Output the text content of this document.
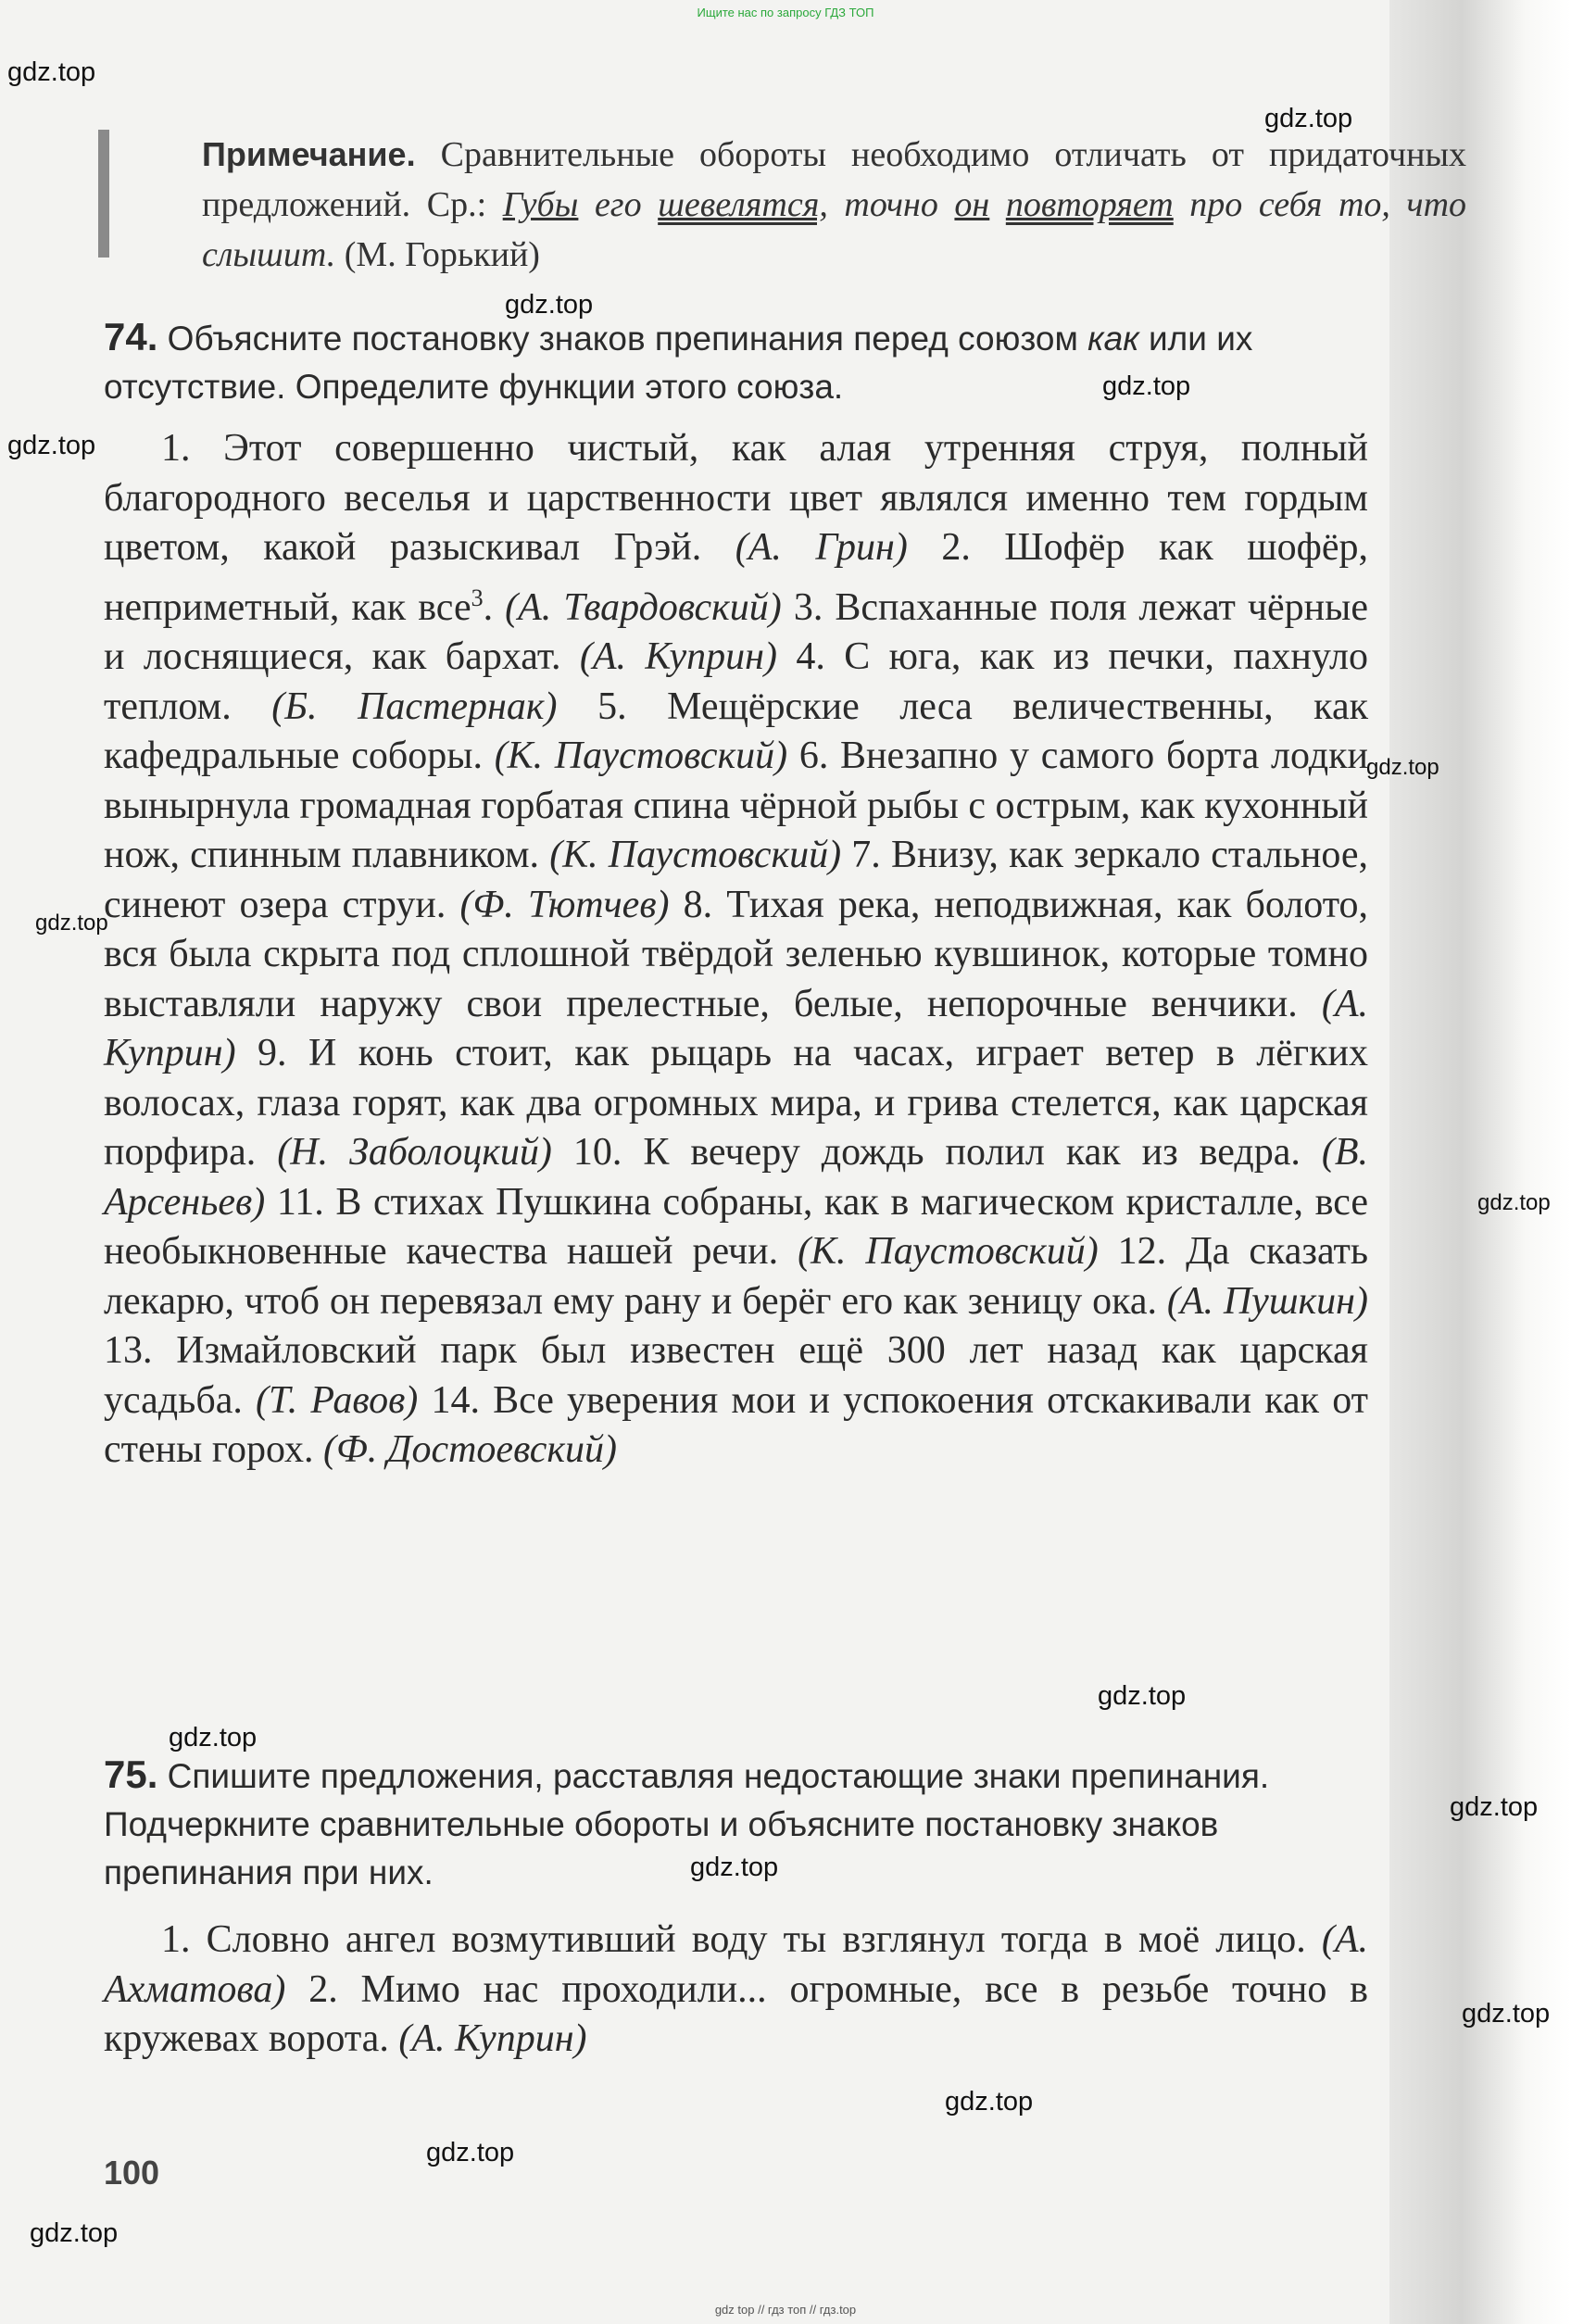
Ищите нас по запросу ГДЗ ТОП
Примечание. Сравнительные обороты необходимо отличать от придаточных предложений. Ср.: Губы его шевелятся, точно он повторяет про себя то, что слышит. (М. Горький)
74. Объясните постановку знаков препинания перед союзом как или их отсутствие. Определите функции этого союза.

1. Этот совершенно чистый, как алая утренняя струя, полный благородного веселья и царственности цвет являлся именно тем гордым цветом, какой разыскивал Грэй. (А. Грин) 2. Шофёр как шофёр, неприметный, как все$^3$. (А. Твардовский) 3. Вспаханные поля лежат чёрные и лоснящиеся, как бархат. (А. Куприн) 4. С юга, как из печки, пахнуло теплом. (Б. Пастернак) 5. Мещёрские леса величественны, как кафедральные соборы. (К. Паустовский) 6. Внезапно у самого борта лодки вынырнула громадная горбатая спина чёрной рыбы с острым, как кухонный нож, спинным плавником. (К. Паустовский) 7. Внизу, как зеркало стальное, синеют озера струи. (Ф. Тютчев) 8. Тихая река, неподвижная, как болото, вся была скрыта под сплошной твёрдой зеленью кувшинок, которые томно выставляли наружу свои прелестные, белые, непорочные венчики. (А. Куприн) 9. И конь стоит, как рыцарь на часах, играет ветер в лёгких волосах, глаза горят, как два огромных мира, и грива стелется, как царская порфира. (Н. Заболоцкий) 10. К вечеру дождь полил как из ведра. (В. Арсеньев) 11. В стихах Пушкина собраны, как в магическом кристалле, все необыкновенные качества нашей речи. (К. Паустовский) 12. Да сказать лекарю, чтоб он перевязал ему рану и берёг его как зеницу ока. (А. Пушкин) 13. Измайловский парк был известен ещё 300 лет назад как царская усадьба. (Т. Равов) 14. Все уверения мои и успокоения отскакивали как от стены горох. (Ф. Достоевский)

75. Спишите предложения, расставляя недостающие знаки препинания. Подчеркните сравнительные обороты и объясните постановку знаков препинания при них.

1. Словно ангел возмутивший воду ты взглянул тогда в моё лицо. (А. Ахматова) 2. Мимо нас проходили... огромные, все в резьбе точно в кружевах ворота. (А. Куприн)

100
gdz.top
gdz.top
gdz.top
gdz.top
gdz.top
gdz.top
gdz.top
gdz.top
gdz.top
gdz.top
gdz.top
gdz.top
gdz.top
gdz.top
gdz.top
gdz.top
gdz top // гдз топ // гдз.top
